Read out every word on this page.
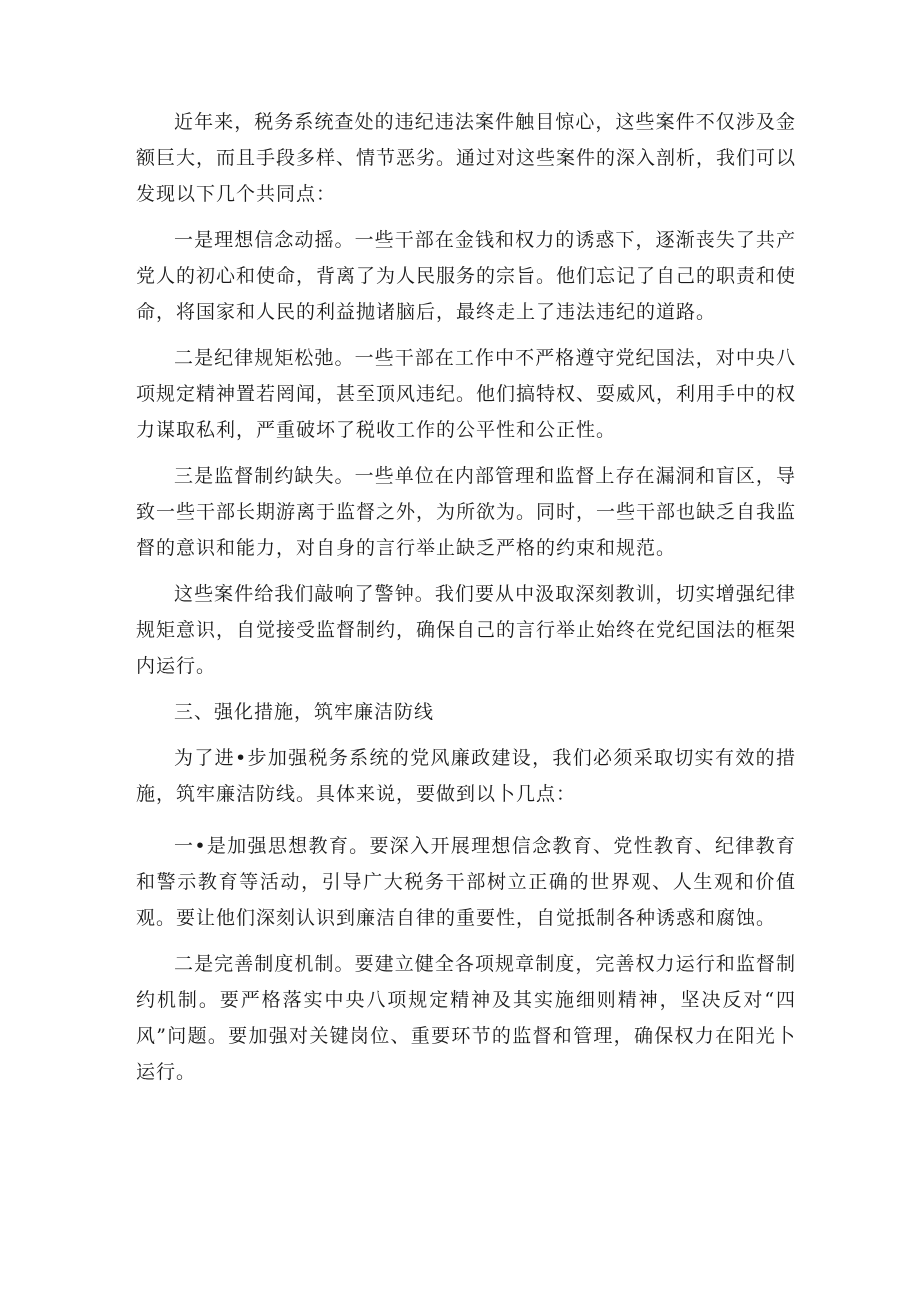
近年来，税务系统查处的违纪违法案件触目惊心，这些案件不仅涉及金额巨大，而且手段多样、情节恶劣。通过对这些案件的深入剖析，我们可以发现以下几个共同点：

一是理想信念动摇。一些干部在金钱和权力的诱惑下，逐渐丧失了共产党人的初心和使命，背离了为人民服务的宗旨。他们忘记了自己的职责和使命，将国家和人民的利益抛诸脑后，最终走上了违法违纪的道路。

二是纪律规矩松弛。一些干部在工作中不严格遵守党纪国法，对中央八项规定精神置若罔闻，甚至顶风违纪。他们搞特权、耍威风，利用手中的权力谋取私利，严重破坏了税收工作的公平性和公正性。

三是监督制约缺失。一些单位在内部管理和监督上存在漏洞和盲区，导致一些干部长期游离于监督之外，为所欲为。同时，一些干部也缺乏自我监督的意识和能力，对自身的言行举止缺乏严格的约束和规范。

这些案件给我们敲响了警钟。我们要从中汲取深刻教训，切实增强纪律规矩意识，自觉接受监督制约，确保自己的言行举止始终在党纪国法的框架内运行。

三、强化措施，筑牢廉洁防线

为了进•步加强税务系统的党风廉政建设，我们必须采取切实有效的措施，筑牢廉洁防线。具体来说，要做到以卜几点：

一•是加强思想教育。要深入开展理想信念教育、党性教育、纪律教育和警示教育等活动，引导广大税务干部树立正确的世界观、人生观和价值观。要让他们深刻认识到廉洁自律的重要性，自觉抵制各种诱惑和腐蚀。

二是完善制度机制。要建立健全各项规章制度，完善权力运行和监督制约机制。要严格落实中央八项规定精神及其实施细则精神，坚决反对“四风”问题。要加强对关键岗位、重要环节的监督和管理，确保权力在阳光卜运行。
